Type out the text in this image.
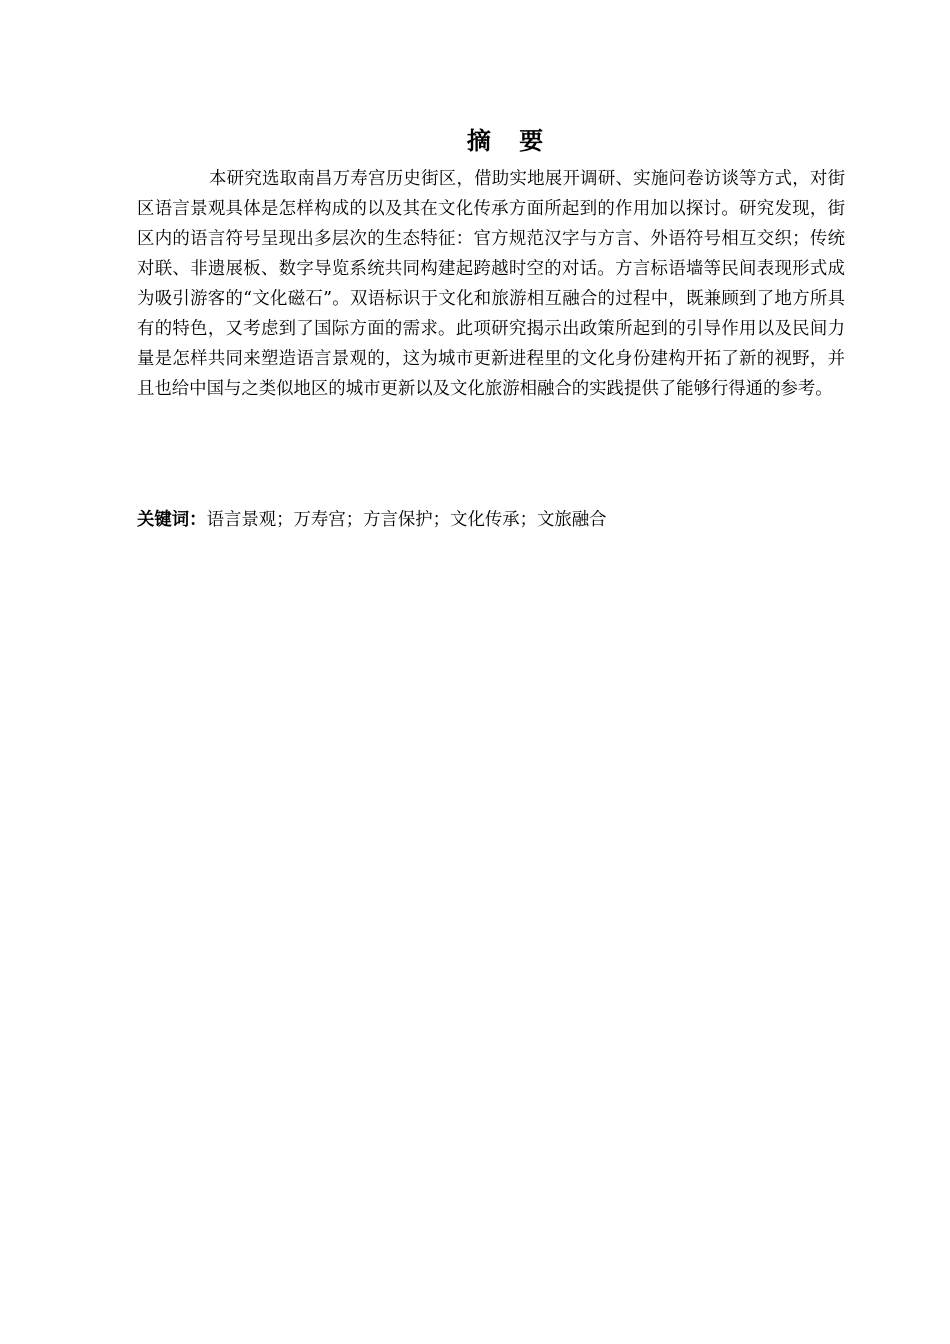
摘 要

本研究选取南昌万寿宫历史街区，借助实地展开调研、实施问卷访谈等方式，对街区语言景观具体是怎样构成的以及其在文化传承方面所起到的作用加以探讨。研究发现，街区内的语言符号呈现出多层次的生态特征：官方规范汉字与方言、外语符号相互交织；传统对联、非遗展板、数字导览系统共同构建起跨越时空的对话。方言标语墙等民间表现形式成为吸引游客的“文化磁石”。双语标识于文化和旅游相互融合的过程中，既兼顾到了地方所具有的特色，又考虑到了国际方面的需求。此项研究揭示出政策所起到的引导作用以及民间力量是怎样共同来塑造语言景观的，这为城市更新进程里的文化身份建构开拓了新的视野，并且也给中国与之类似地区的城市更新以及文化旅游相融合的实践提供了能够行得通的参考。

关键词：语言景观；万寿宫；方言保护；文化传承；文旅融合
